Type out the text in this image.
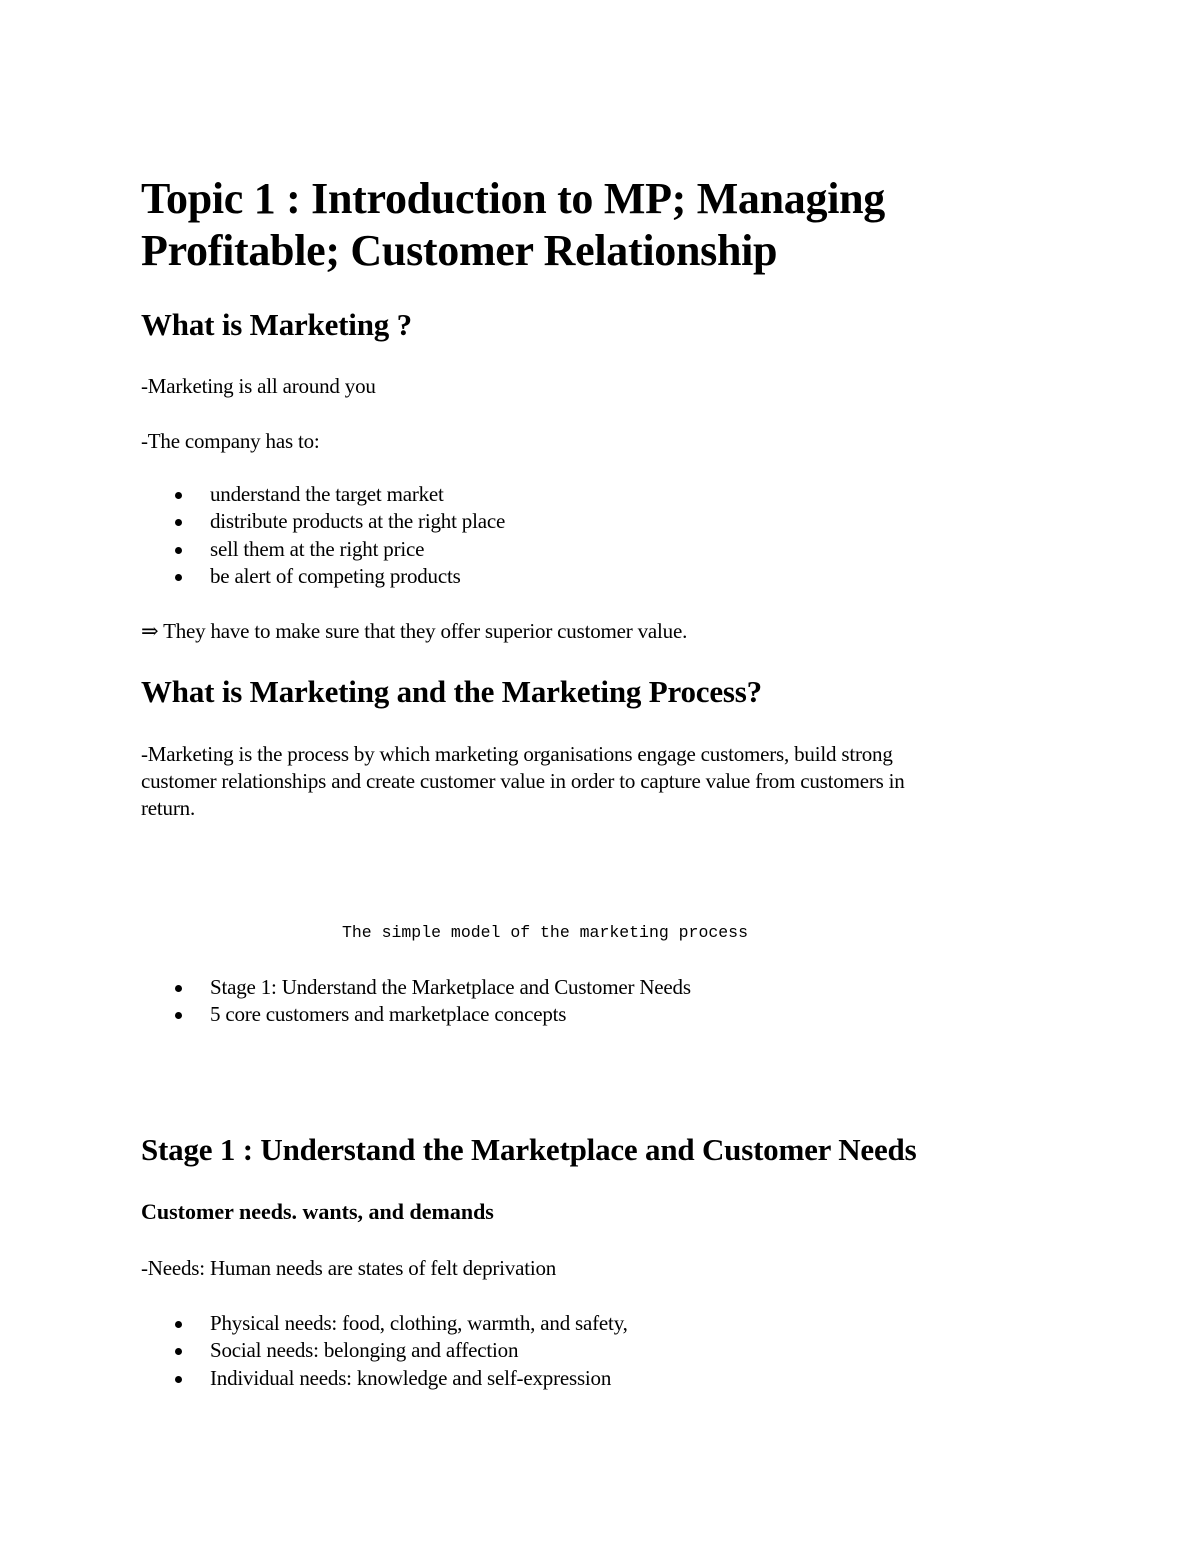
Topic 1 : Introduction to MP; Managing
Profitable; Customer Relationship
What is Marketing ?

-Marketing is all around you

-The company has to:

understand the target market
distribute products at the right place
sell them at the right price
be alert of competing products

⇒ They have to make sure that they offer superior customer value.

What is Marketing and the Marketing Process?

-Marketing is the process by which marketing organisations engage customers, build strong

customer relationships and create customer value in order to capture value from customers in

return.

The simple model of the marketing process

Stage 1: Understand the Marketplace and Customer Needs
5 core customers and marketplace concepts
Stage 1 : Understand the Marketplace and Customer Needs
Customer needs. wants, and demands

-Needs: Human needs are states of felt deprivation

Physical needs: food, clothing, warmth, and safety,
Social needs: belonging and affection
Individual needs: knowledge and self-expression
